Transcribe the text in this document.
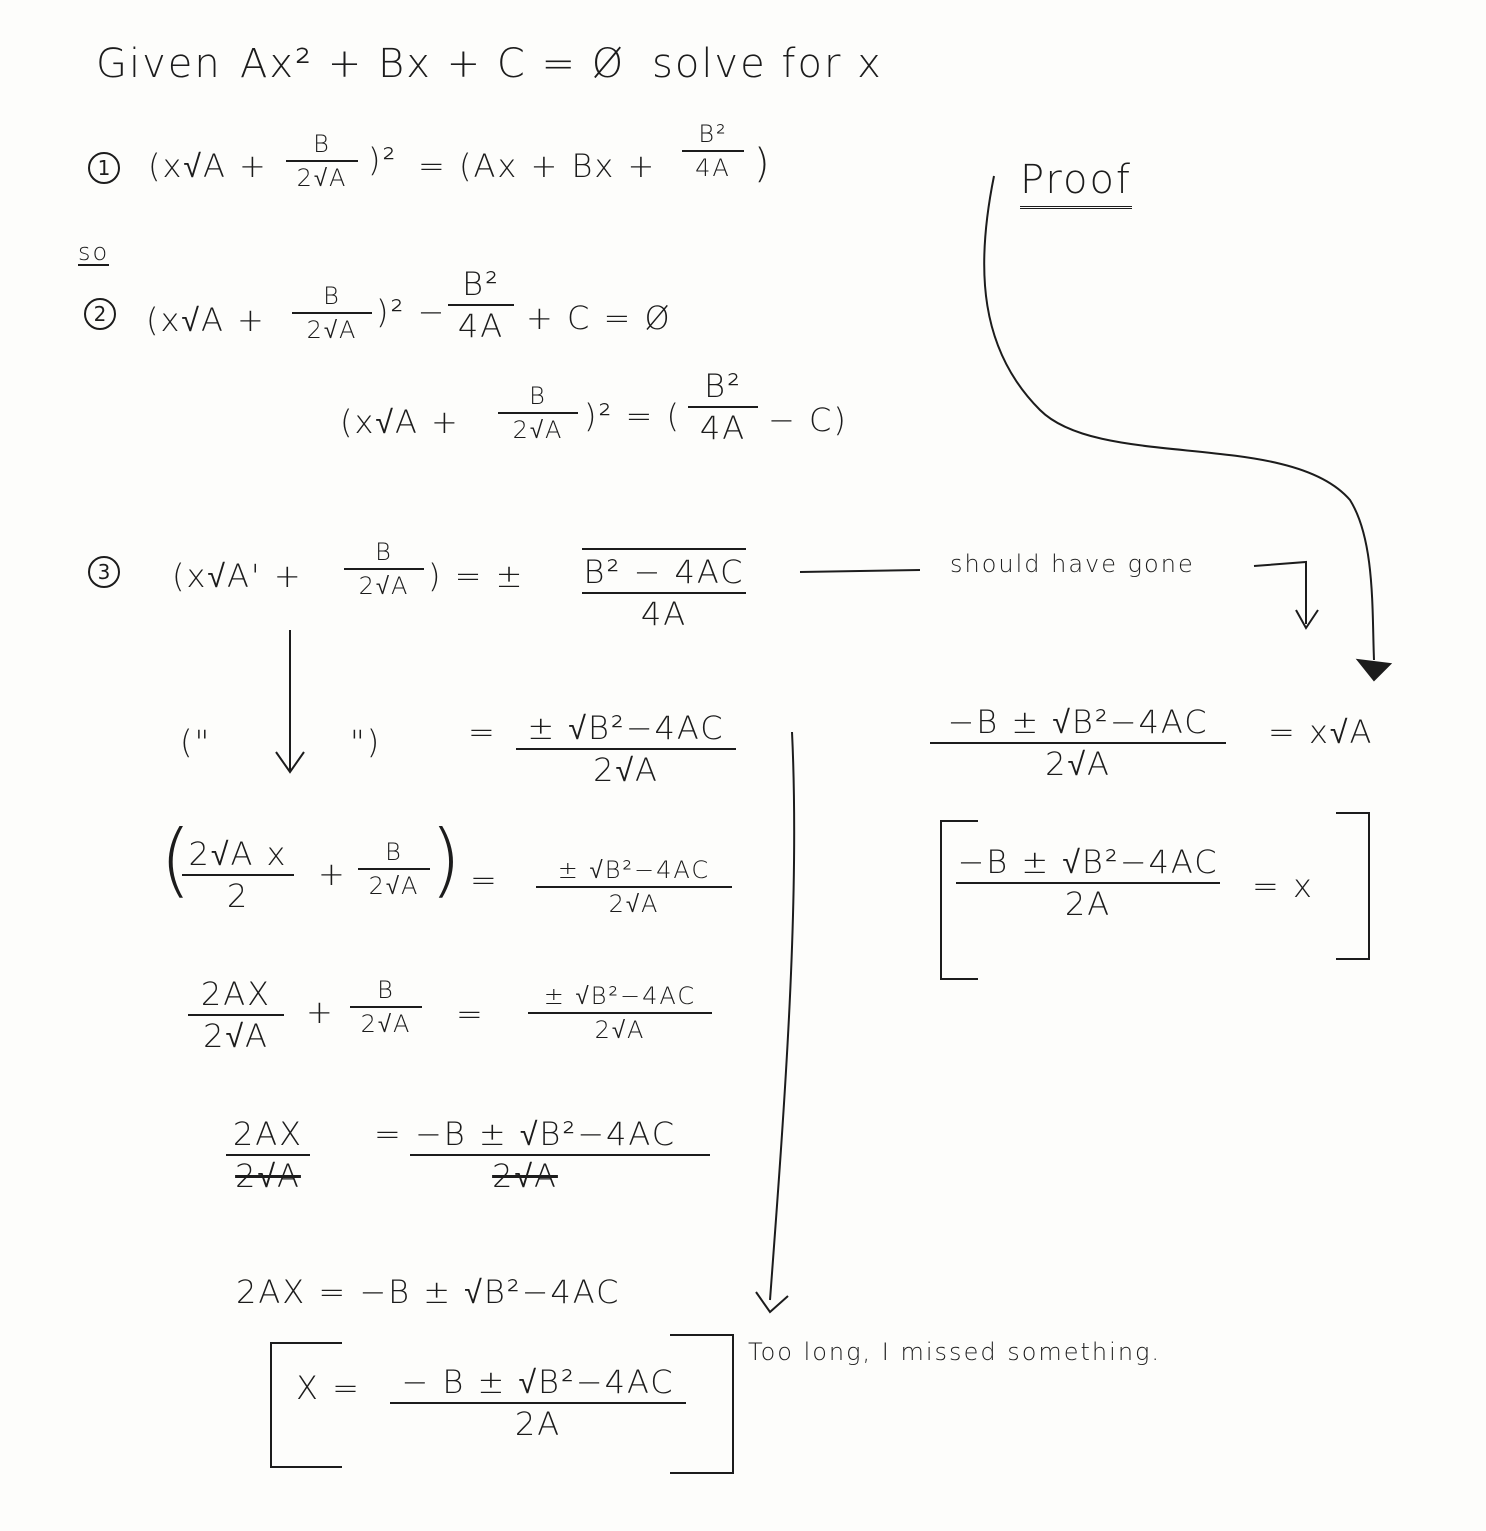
Given Ax² + Bx + C = Ø solve for x
1	(x√A +
B
2√A )² = (Ax + Bx +
B²
4A )
so
2	(x√A +
B
2√A )² −
B²
4A + C = Ø
(x√A +
B
2√A )² = (
B²
4A − C)
3	(x√A' +
B
2√A ) = ± B² − 4AC
4A
should have gone
Proof
−B ± √B²−4AC
2√A
= x√A
−B ± √B²−4AC
2A	= x
("	")	= ± √B²−4AC
2√A
(
2√A x
2
+
B
2√A ) =	± √B²−4AC
2√A
2AX
2√A
+
B
2√A	=	± √B²−4AC
2√A
2AX
2√A
= −B ± √B²−4AC
2√A
2AX = −B ± √B²−4AC
X =	− B ± √B²−4AC
2A
Too long, I missed something.
